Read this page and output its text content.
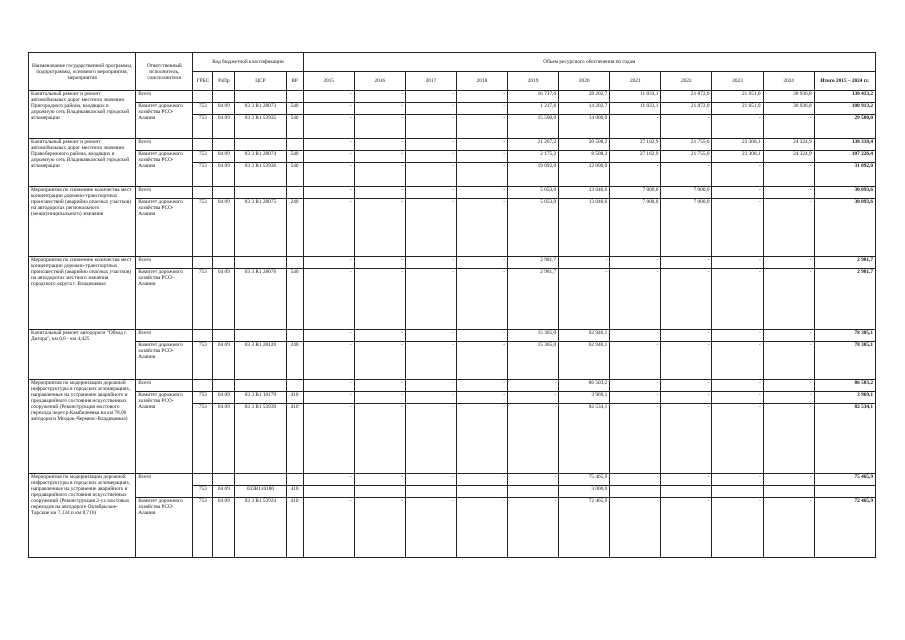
Наименование государственной программы, подпрограммы, основного мероприятия, мероприятия	Ответственный исполнитель, соисполнители	Код бюджетной классификации				Объем ресурсного обеспечения по годам										
		ГРБС	РзПр	ЦСР	ВР	2015	2016	2017	2018	2019	2020	2021	2022	2023	2024	Итого 2015 – 2024 гг.
Капитальный ремонт и ремонт автомобильных дорог местного значения Пригородного района, входящих в дорожную сеть Владикавказской городской агломерации	Всего					-	-	-	-	16 717,6	28 202,7	11 033,1	21 872,0	21 651,0	30 936,8	130 413,2
	Комитет дорожного хозяйства РСО-Алания	753	04 09	03 3 R1 28073	540	-	-	-	-	1 217,6	14 202,7	11 033,1	21 872,0	21 651,0	30 936,8	100 913,2
		753	04 09	03 3 R1 53935	540	-	-	-	-	15 500,0	14 000,0	-	-	-	-	29 500,0
Капитальный ремонт и ремонт автомобильных дорог местного значения Правобережного района, входящих в дорожную сеть Владикавказской городской агломерации	Всего					-	-	-	-	21 267,2	20 508,2	27 162,9	21 755,0	23 308,1	24 324,9	138 318,4
	Комитет дорожного хозяйства РСО-Алания	753	04 09	03 3 R1 28074	540	-	-	-	-	2 175,2	8 508,2	27 162,9	21 755,0	23 308,1	24 324,9	107 226,4
		753	04 09	03 3 R1 53936	540	-	-	-	-	19 092,0	12 000,0	-	-	-	-	31 092,0
Мероприятия по снижению количества мест концентрации дорожно-транспортных происшествий (аварийно опасных участков) на автодорогах регионального (межмуниципального) значения	Всего					-	-	-	-	5 053,0	13 040,6	7 000,0	7 000,0	-	-	30 093,6
	Комитет дорожного хозяйства РСО-Алания	753	04 09	03 3 R1 28075	240	-	-	-	-	5 053,0	13 040,6	7 000,0	7 000,0	-	-	30 093,6
Мероприятия по снижению количества мест концентрации дорожно-транспортных происшествий (аварийно опасных участков) на автодорогах местного значения городского округа г. Владикавказ	Всего					-	-	-	-	2 981,7	-	-	-	-	-	2 981,7
	Комитет дорожного хозяйства РСО-Алания	753	04 09	03 3 R1 28076	540	-	-	-	-	2 981,7	-	-	-	-	-	2 981,7
Капитальный ремонт автодороги "Обход г. Дигора", км 0,0 - км 4,425	Всего					-	-	-	-	15 365,0	62 940,1	-	-	-	-	78 305,1
	Комитет дорожного хозяйства РСО-Алания	753	04 09	03 3 R1 28120	240	-	-	-	-	15 365,0	62 940,1	-	-	-	-	78 305,1
Мероприятия по модернизации дорожной инфраструктуры в городских агломерациях, направленные на устранение аварийного и предаварийного состояния искусственных сооружений (Реконструкция мостового перехода через р.Камбилеевка на км 78,06 автодороги Моздок-Черменс-Владикавказ)	Всего					-	-	-	-	-	86 503,2	-	-	-	-	86 503,2
	Комитет дорожного хозяйства РСО-Алания	753	04 09	03 3 R1 10179	410	-	-	-	-	-	3 969,1	-	-	-	-	3 969,1
		753	04 09	03 3 R1 53939	410	-	-	-	-	-	82 534,1	-	-	-	-	82 534,1
Мероприятия по модернизации дорожной инфраструктуры в городских агломерациях, направленные на устранение аварийного и предаварийного состояния искусственных сооружений (Реконструкция 2-ух мостовых переходов на автодороге Октябрьское-Тарские км 7,134 и км 8,716)	Всего					-	-	-	-	-	75 465,9	-	-	-	-	75 465,9
		753	04 09	033R110180	410						3 000,0					
	Комитет дорожного хозяйства РСО-Алания	753	04 09	03 3 R1 53924	410	-	-	-	-	-	72 465,9	-	-	-	-	72 465,9
